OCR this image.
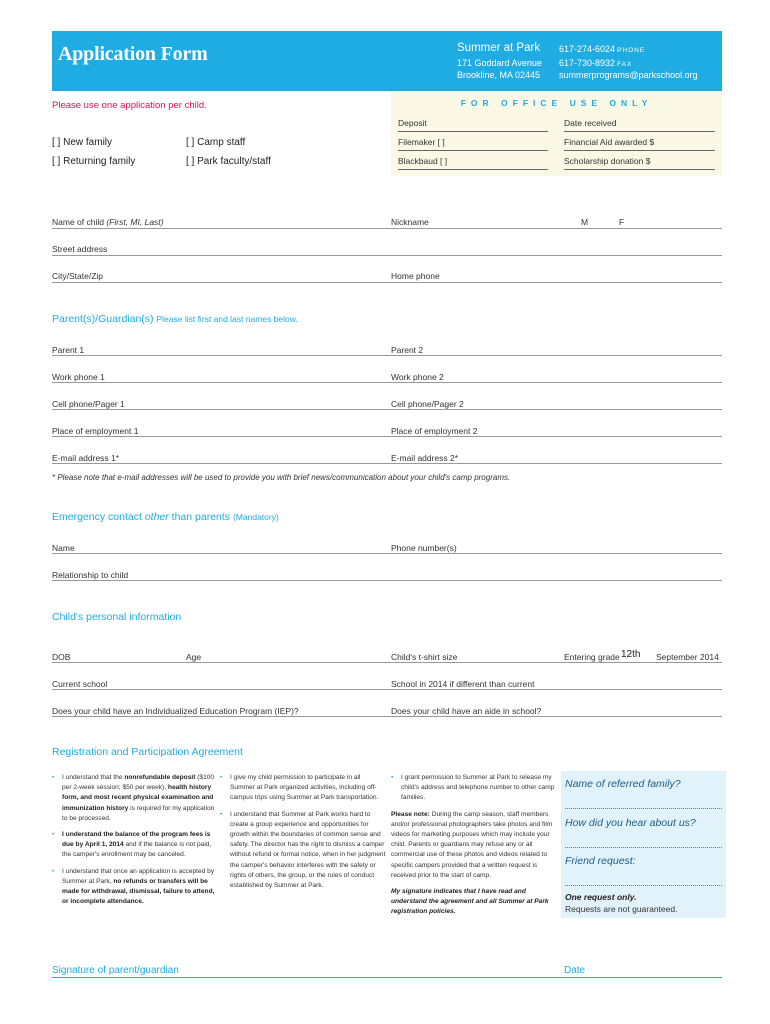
Application Form	Summer at Park
171 Goddard Avenue
Brookline, MA 02445
617-274-6024 PHONE
617-730-8932 FAX
summerprograms@parkschool.org
Please use one application per child.
[ ] New family
[ ] Returning family
[ ] Camp staff
[ ] Park faculty/staff
FOR OFFICE USE ONLY
Deposit	Date received
Filemaker [ ]	Financial Aid awarded $
Blackbaud [ ]	Scholarship donation $
Name of child (First, MI, Last)	Nickname	M	F
Street address
City/State/Zip	Home phone
Parent(s)/Guardian(s) Please list first and last names below.
Parent 1	Parent 2
Work phone 1	Work phone 2
Cell phone/Pager 1	Cell phone/Pager 2
Place of employment 1	Place of employment 2
E-mail address 1*	E-mail address 2*
* Please note that e-mail addresses will be used to provide you with brief news/communication about your child's camp programs.
Emergency contact other than parents (Mandatory)
Name	Phone number(s)
Relationship to child
Child's personal information
DOB	Age	Child's t-shirt size	Entering grade 12th September 2014
Current school	School in 2014 if different than current
Does your child have an Individualized Education Program (IEP)?	Does your child have an aide in school?
Registration and Participation Agreement

• I understand that the nonrefundable deposit ($100 per 2-week session; $50 per week), health history form, and most recent physical examination and immunization history is required for my application to be processed.

• I understand the balance of the program fees is due by April 1, 2014 and if the balance is not paid, the camper's enrollment may be canceled.

• I understand that once an application is accepted by Summer at Park, no refunds or transfers will be made for withdrawal, dismissal, failure to attend, or incomplete attendance.

• I give my child permission to participate in all Summer at Park organized activities, including off-campus trips using Summer at Park transportation.

• I understand that Summer at Park works hard to create a group experience and opportunities for growth within the boundaries of common sense and safety. The director has the right to dismiss a camper without refund or formal notice, when in her judgment the camper's behavior interferes with the safety or rights of others, the group, or the rules of conduct established by Summer at Park.

• I grant permission to Summer at Park to release my child's address and telephone number to other camp families.

Please note: During the camp season, staff members and/or professional photographers take photos and film videos for marketing purposes which may include your child. Parents or guardians may refuse any or all commercial use of these photos and videos related to specific campers provided that a written request is received prior to the start of camp.

My signature indicates that I have read and understand the agreement and all Summer at Park registration policies.

Name of referred family?
How did you hear about us?
Friend request:
One request only.
Requests are not guaranteed.
Signature of parent/guardian	Date
